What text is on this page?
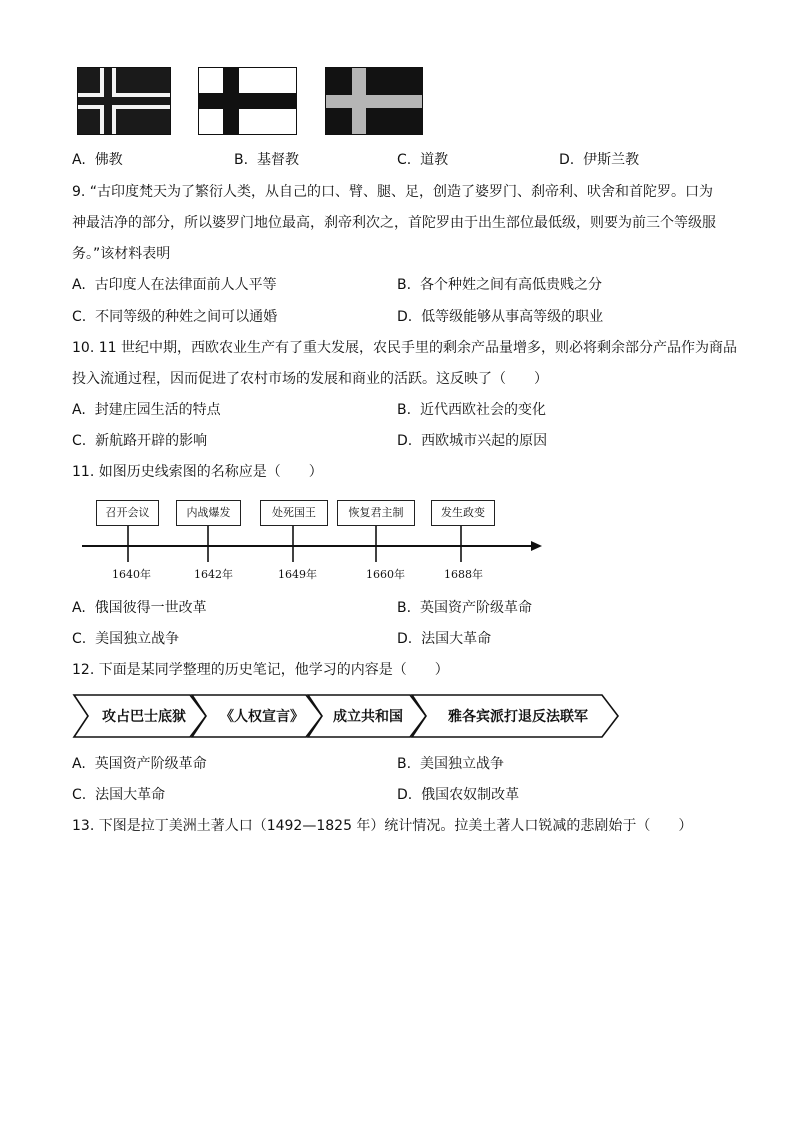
A. 佛教	B. 基督教	C. 道教	D. 伊斯兰教
9. “古印度梵天为了繁衍人类，从自己的口、臂、腿、足，创造了婆罗门、刹帝利、吠舍和首陀罗。口为
神最洁净的部分，所以婆罗门地位最高，刹帝利次之，首陀罗由于出生部位最低级，则要为前三个等级服
务。”该材料表明
A. 古印度人在法律面前人人平等	B. 各个种姓之间有高低贵贱之分
C. 不同等级的种姓之间可以通婚	D. 低等级能够从事高等级的职业
10. 11 世纪中期，西欧农业生产有了重大发展，农民手里的剩余产品量增多，则必将剩余部分产品作为商品
投入流通过程，因而促进了农村市场的发展和商业的活跃。这反映了（　　）
A. 封建庄园生活的特点	B. 近代西欧社会的变化
C. 新航路开辟的影响	D. 西欧城市兴起的原因
11. 如图历史线索图的名称应是（　　）
召开会议	内战爆发	处死国王	恢复君主制	发生政变
1640年	1642年	1649年	1660年	1688年
A. 俄国彼得一世改革	B. 英国资产阶级革命
C. 美国独立战争	D. 法国大革命
12. 下面是某同学整理的历史笔记，他学习的内容是（　　）
攻占巴士底狱 《人权宣言》 成立共和国	雅各宾派打退反法联军
A. 英国资产阶级革命	B. 美国独立战争
C. 法国大革命	D. 俄国农奴制改革
13. 下图是拉丁美洲土著人口（1492—1825 年）统计情况。拉美土著人口锐减的悲剧始于（　　）
